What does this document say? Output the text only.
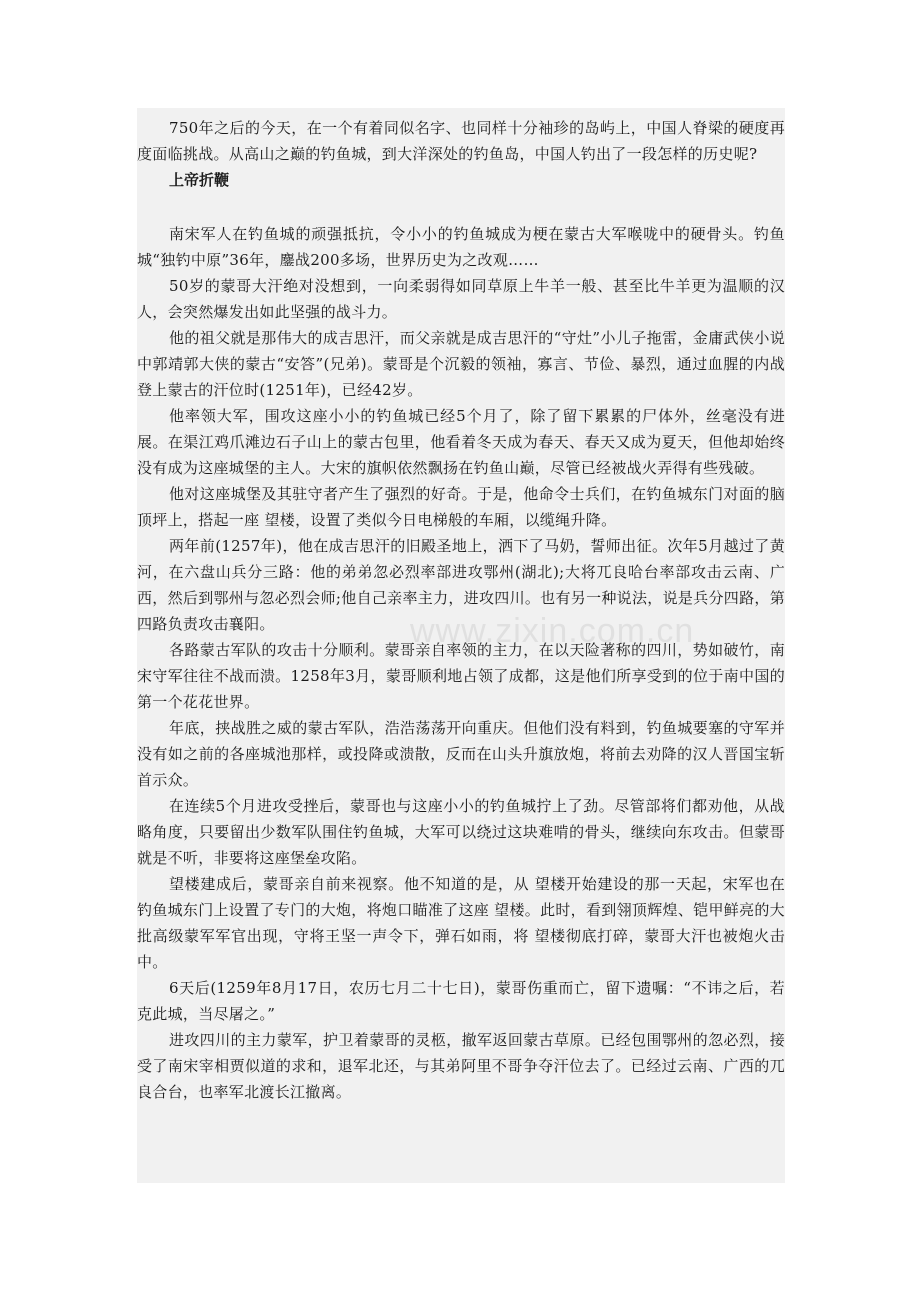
750年之后的今天，在一个有着同似名字、也同样十分袖珍的岛屿上，中国人脊梁的硬度再度面临挑战。从高山之巅的钓鱼城，到大洋深处的钓鱼岛，中国人钓出了一段怎样的历史呢?

上帝折鞭

南宋军人在钓鱼城的顽强抵抗，令小小的钓鱼城成为梗在蒙古大军喉咙中的硬骨头。钓鱼城“独钓中原”36年，鏖战200多场，世界历史为之改观……

50岁的蒙哥大汗绝对没想到，一向柔弱得如同草原上牛羊一般、甚至比牛羊更为温顺的汉人，会突然爆发出如此坚强的战斗力。

他的祖父就是那伟大的成吉思汗，而父亲就是成吉思汗的“守灶”小儿子拖雷，金庸武侠小说中郭靖郭大侠的蒙古“安答”(兄弟)。蒙哥是个沉毅的领袖，寡言、节俭、暴烈，通过血腥的内战登上蒙古的汗位时(1251年)，已经42岁。

他率领大军，围攻这座小小的钓鱼城已经5个月了，除了留下累累的尸体外，丝毫没有进展。在渠江鸡爪滩边石子山上的蒙古包里，他看着冬天成为春天、春天又成为夏天，但他却始终没有成为这座城堡的主人。大宋的旗帜依然飘扬在钓鱼山巅，尽管已经被战火弄得有些残破。

他对这座城堡及其驻守者产生了强烈的好奇。于是，他命令士兵们，在钓鱼城东门对面的脑顶坪上，搭起一座 望楼，设置了类似今日电梯般的车厢，以缆绳升降。

两年前(1257年)，他在成吉思汗的旧殿圣地上，洒下了马奶，誓师出征。次年5月越过了黄河，在六盘山兵分三路：他的弟弟忽必烈率部进攻鄂州(湖北);大将兀良哈台率部攻击云南、广西，然后到鄂州与忽必烈会师;他自己亲率主力，进攻四川。也有另一种说法，说是兵分四路，第四路负责攻击襄阳。

各路蒙古军队的攻击十分顺利。蒙哥亲自率领的主力，在以天险著称的四川，势如破竹，南宋守军往往不战而溃。1258年3月，蒙哥顺利地占领了成都，这是他们所享受到的位于南中国的第一个花花世界。

年底，挟战胜之威的蒙古军队，浩浩荡荡开向重庆。但他们没有料到，钓鱼城要塞的守军并没有如之前的各座城池那样，或投降或溃散，反而在山头升旗放炮，将前去劝降的汉人晋国宝斩首示众。

在连续5个月进攻受挫后，蒙哥也与这座小小的钓鱼城拧上了劲。尽管部将们都劝他，从战略角度，只要留出少数军队围住钓鱼城，大军可以绕过这块难啃的骨头，继续向东攻击。但蒙哥就是不听，非要将这座堡垒攻陷。

望楼建成后，蒙哥亲自前来视察。他不知道的是，从 望楼开始建设的那一天起，宋军也在钓鱼城东门上设置了专门的大炮，将炮口瞄准了这座 望楼。此时，看到翎顶辉煌、铠甲鲜亮的大批高级蒙军军官出现，守将王坚一声令下，弹石如雨，将 望楼彻底打碎，蒙哥大汗也被炮火击中。

6天后(1259年8月17日，农历七月二十七日)，蒙哥伤重而亡，留下遗嘱：“不讳之后，若克此城，当尽屠之。”

进攻四川的主力蒙军，护卫着蒙哥的灵柩，撤军返回蒙古草原。已经包围鄂州的忽必烈，接受了南宋宰相贾似道的求和，退军北还，与其弟阿里不哥争夺汗位去了。已经过云南、广西的兀良合台，也率军北渡长江撤离。
